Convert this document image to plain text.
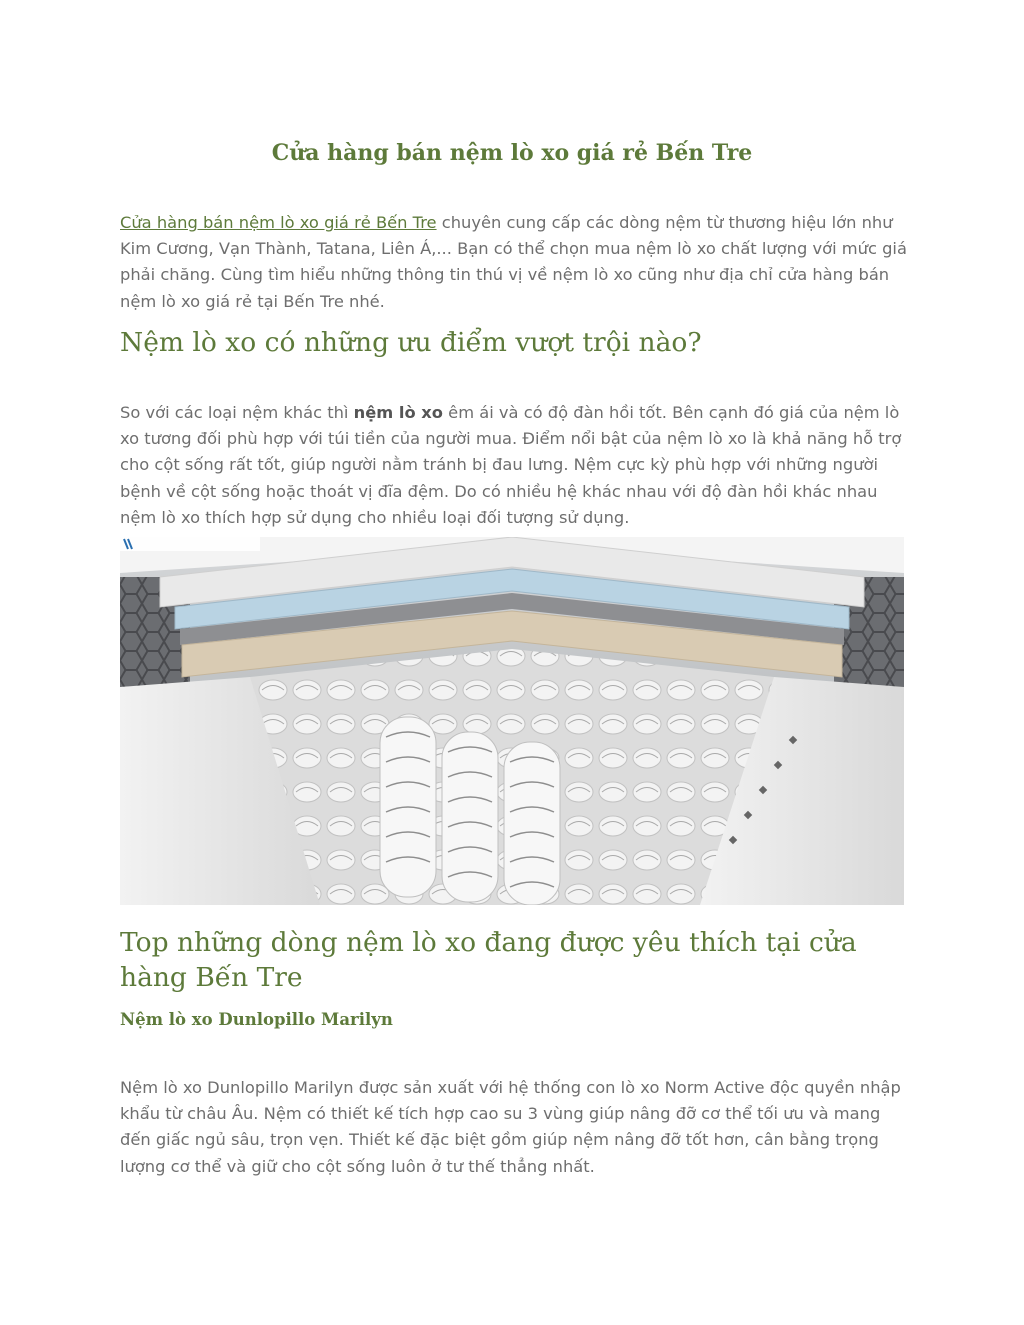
Cửa hàng bán nệm lò xo giá rẻ Bến Tre

Cửa hàng bán nệm lò xo giá rẻ Bến Tre chuyên cung cấp các dòng nệm từ thương hiệu lớn như Kim Cương, Vạn Thành, Tatana, Liên Á,... Bạn có thể chọn mua nệm lò xo chất lượng với mức giá phải chăng. Cùng tìm hiểu những thông tin thú vị về nệm lò xo cũng như địa chỉ cửa hàng bán nệm lò xo giá rẻ tại Bến Tre nhé.

Nệm lò xo có những ưu điểm vượt trội nào?

So với các loại nệm khác thì nệm lò xo êm ái và có độ đàn hồi tốt. Bên cạnh đó giá của nệm lò xo tương đối phù hợp với túi tiền của người mua. Điểm nổi bật của nệm lò xo là khả năng hỗ trợ cho cột sống rất tốt, giúp người nằm tránh bị đau lưng. Nệm cực kỳ phù hợp với những người bệnh về cột sống hoặc thoát vị đĩa đệm. Do có nhiều hệ khác nhau với độ đàn hồi khác nhau nệm lò xo thích hợp sử dụng cho nhiều loại đối tượng sử dụng.

Top những dòng nệm lò xo đang được yêu thích tại cửa hàng Bến Tre
Nệm lò xo Dunlopillo Marilyn

Nệm lò xo Dunlopillo Marilyn được sản xuất với hệ thống con lò xo Norm Active độc quyền nhập khẩu từ châu Âu. Nệm có thiết kế tích hợp cao su 3 vùng giúp nâng đỡ cơ thể tối ưu và mang đến giấc ngủ sâu, trọn vẹn. Thiết kế đặc biệt gồm giúp nệm nâng đỡ tốt hơn, cân bằng trọng lượng cơ thể và giữ cho cột sống luôn ở tư thế thẳng nhất.
